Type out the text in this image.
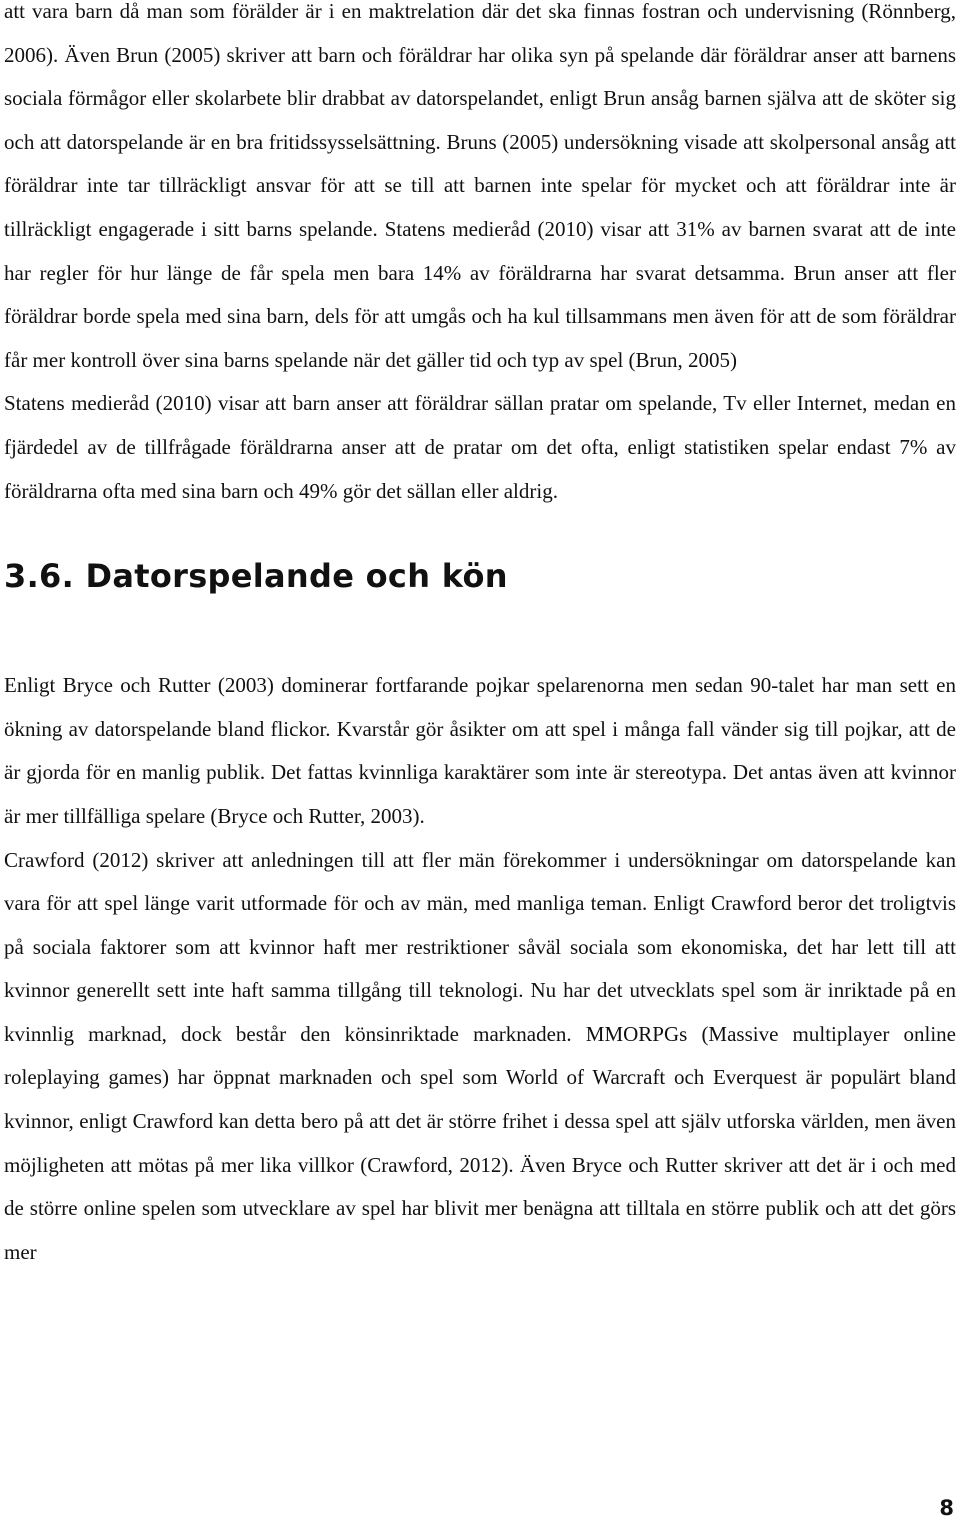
att vara barn då man som förälder är i en maktrelation där det ska finnas fostran och undervisning (Rönnberg, 2006). Även Brun (2005) skriver att barn och föräldrar har olika syn på spelande där föräldrar anser att barnens sociala förmågor eller skolarbete blir drabbat av datorspelandet, enligt Brun ansåg barnen själva att de sköter sig och att datorspelande är en bra fritidssysselsättning. Bruns (2005) undersökning visade att skolpersonal ansåg att föräldrar inte tar tillräckligt ansvar för att se till att barnen inte spelar för mycket och att föräldrar inte är tillräckligt engagerade i sitt barns spelande. Statens medieråd (2010) visar att 31% av barnen svarat att de inte har regler för hur länge de får spela men bara 14% av föräldrarna har svarat detsamma. Brun anser att fler föräldrar borde spela med sina barn, dels för att umgås och ha kul tillsammans men även för att de som föräldrar får mer kontroll över sina barns spelande när det gäller tid och typ av spel (Brun, 2005)

Statens medieråd (2010) visar att barn anser att föräldrar sällan pratar om spelande, Tv eller Internet, medan en fjärdedel av de tillfrågade föräldrarna anser att de pratar om det ofta, enligt statistiken spelar endast 7% av föräldrarna ofta med sina barn och 49% gör det sällan eller aldrig.

3.6. Datorspelande och kön

Enligt Bryce och Rutter (2003) dominerar fortfarande pojkar spelarenorna men sedan 90-talet har man sett en ökning av datorspelande bland flickor. Kvarstår gör åsikter om att spel i många fall vänder sig till pojkar, att de är gjorda för en manlig publik. Det fattas kvinnliga karaktärer som inte är stereotypa. Det antas även att kvinnor är mer tillfälliga spelare (Bryce och Rutter, 2003).

Crawford (2012) skriver att anledningen till att fler män förekommer i undersökningar om datorspelande kan vara för att spel länge varit utformade för och av män, med manliga teman. Enligt Crawford beror det troligtvis på sociala faktorer som att kvinnor haft mer restriktioner såväl sociala som ekonomiska, det har lett till att kvinnor generellt sett inte haft samma tillgång till teknologi. Nu har det utvecklats spel som är inriktade på en kvinnlig marknad, dock består den könsinriktade marknaden. MMORPGs (Massive multiplayer online roleplaying games) har öppnat marknaden och spel som World of Warcraft och Everquest är populärt bland kvinnor, enligt Crawford kan detta bero på att det är större frihet i dessa spel att själv utforska världen, men även möjligheten att mötas på mer lika villkor (Crawford, 2012). Även Bryce och Rutter skriver att det är i och med de större online spelen som utvecklare av spel har blivit mer benägna att tilltala en större publik och att det görs mer

8
